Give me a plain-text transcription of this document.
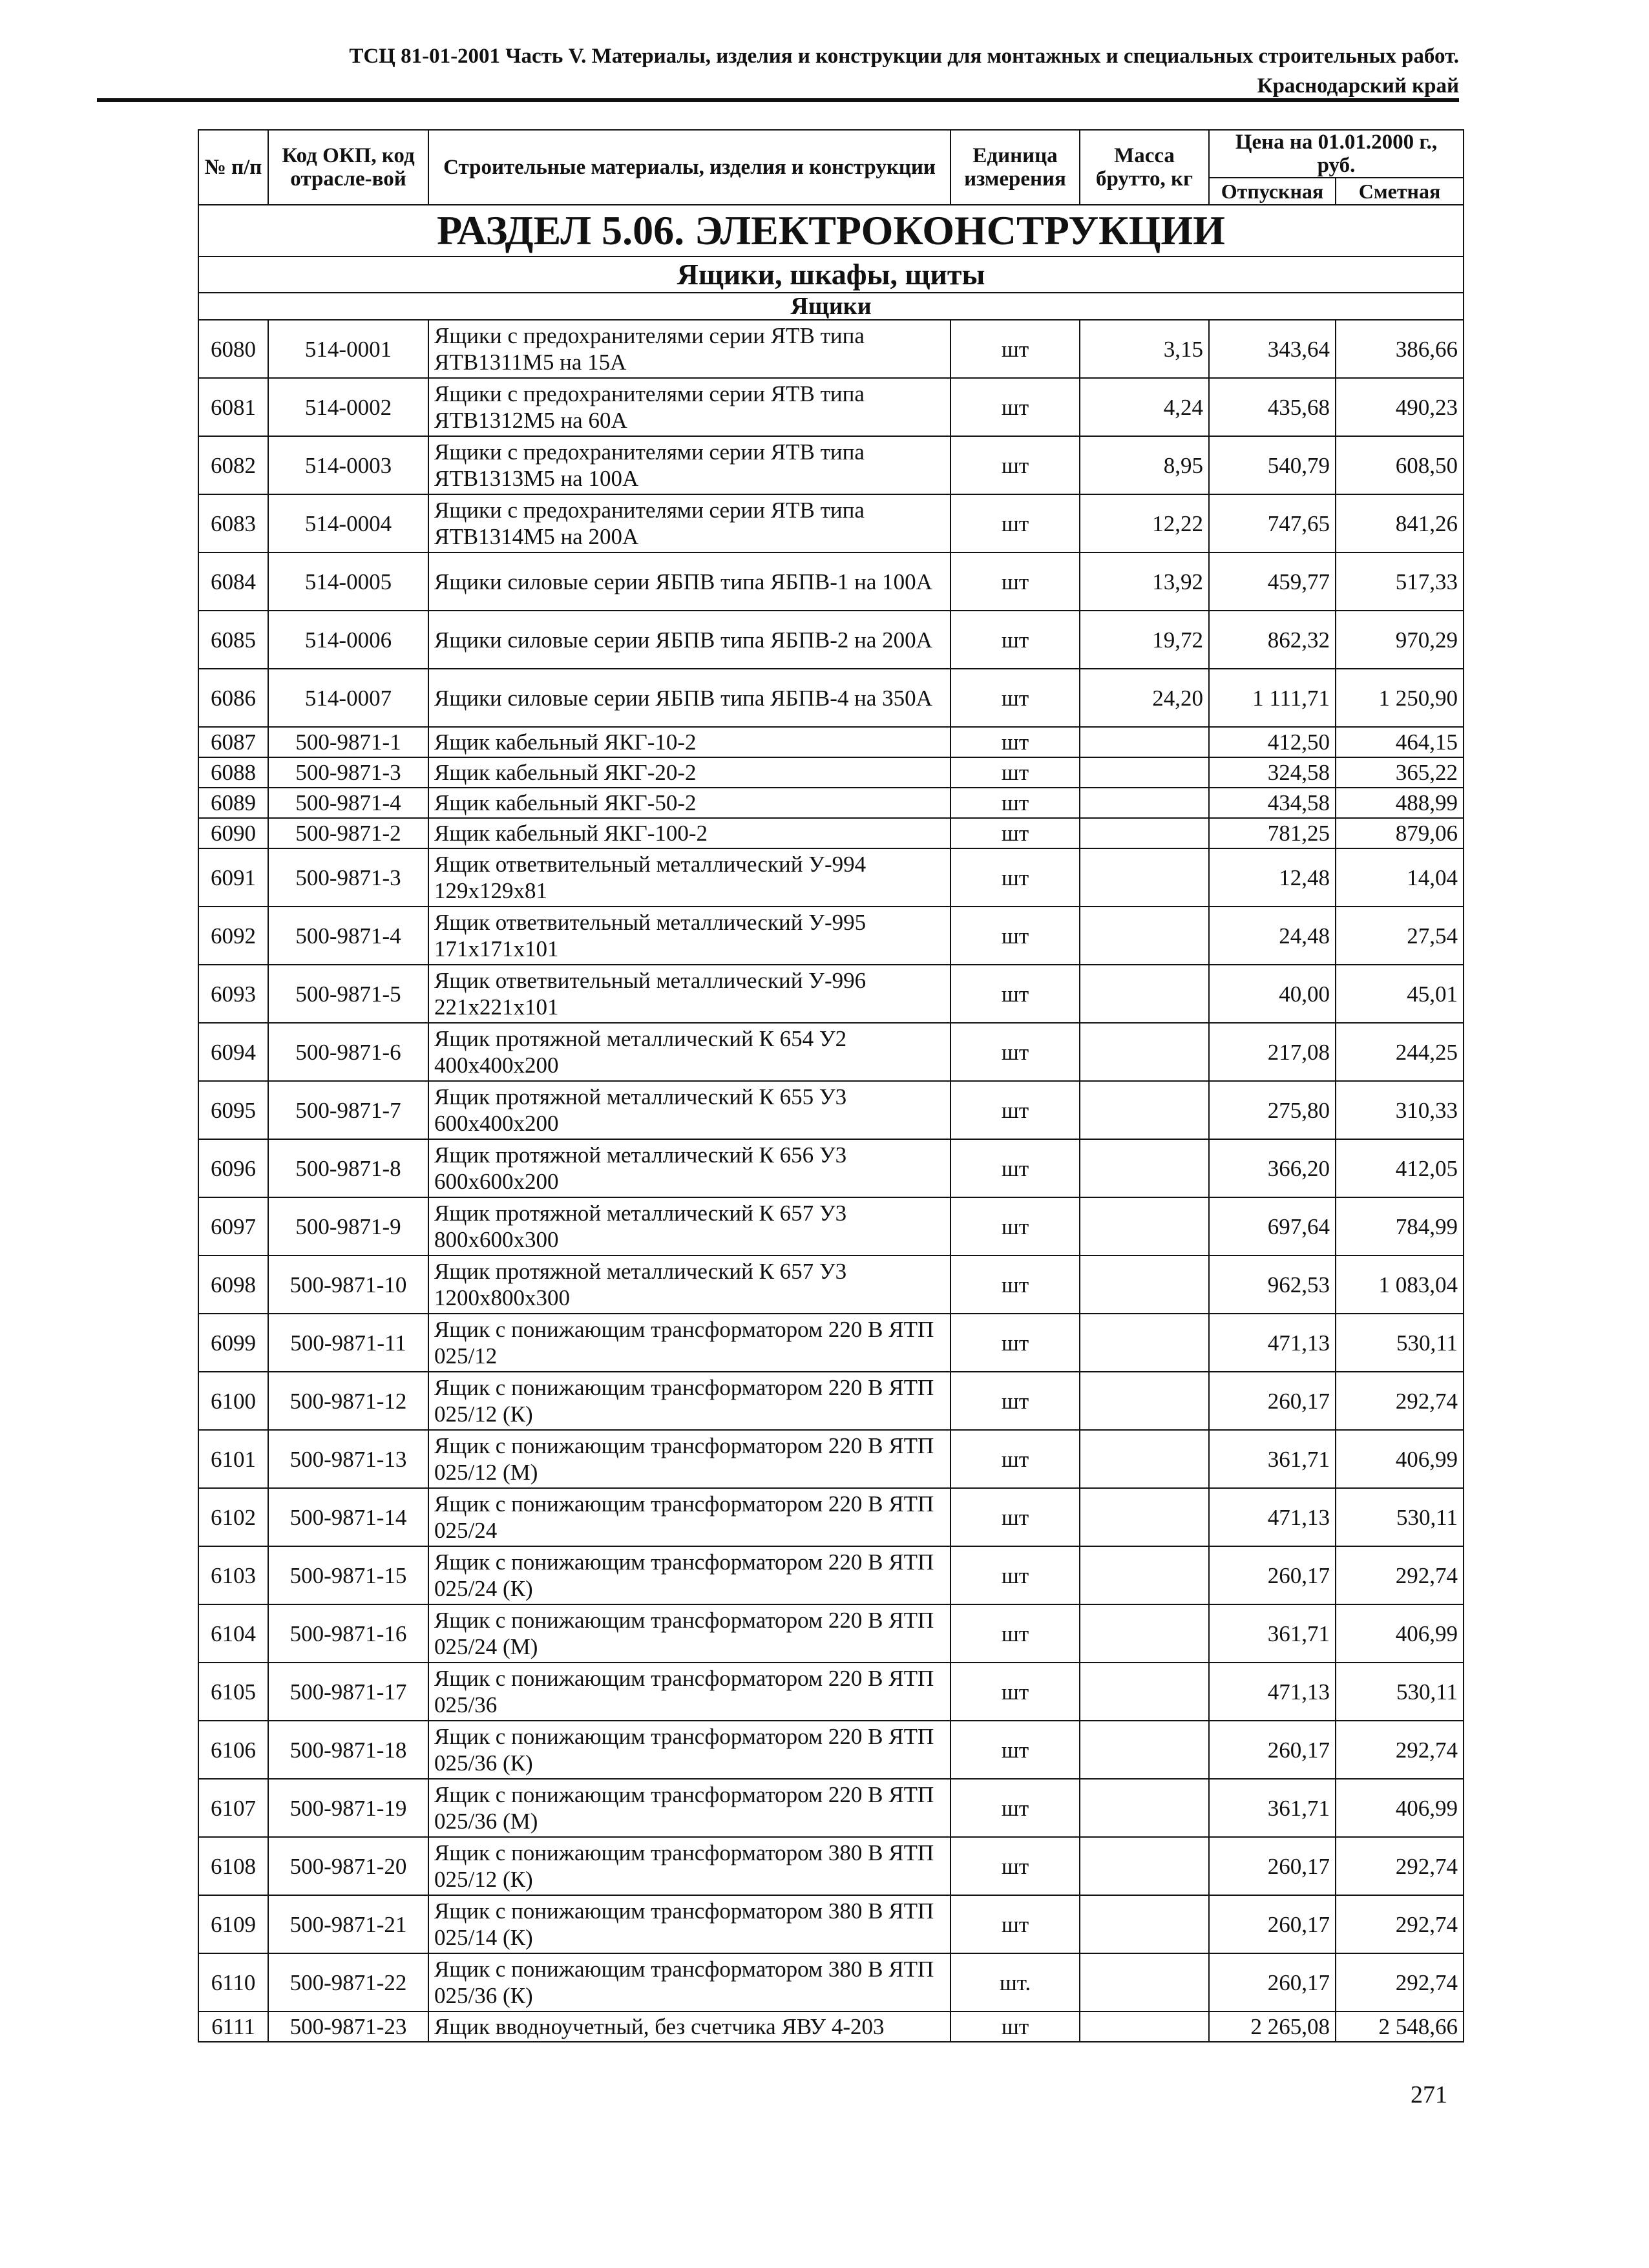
ТСЦ 81-01-2001 Часть V. Материалы, изделия и конструкции для монтажных и специальных строительных работ.
Краснодарский край
№ п/п	Код ОКП, код отрасле-вой	Строительные материалы, изделия и конструкции	Единица измерения	Масса брутто, кг	Цена на 01.01.2000 г., руб.	
					Отпускная	Сметная
РАЗДЕЛ 5.06. ЭЛЕКТРОКОНСТРУКЦИИ						
Ящики, шкафы, щиты						
Ящики						
6080	514-0001	Ящики с предохранителями серии ЯТВ типа ЯТВ1311М5 на 15А	шт	3,15	343,64	386,66
6081	514-0002	Ящики с предохранителями серии ЯТВ типа ЯТВ1312М5 на 60А	шт	4,24	435,68	490,23
6082	514-0003	Ящики с предохранителями серии ЯТВ типа ЯТВ1313М5 на 100А	шт	8,95	540,79	608,50
6083	514-0004	Ящики с предохранителями серии ЯТВ типа ЯТВ1314М5 на 200А	шт	12,22	747,65	841,26
6084	514-0005	Ящики силовые серии ЯБПВ типа ЯБПВ-1 на 100А	шт	13,92	459,77	517,33
6085	514-0006	Ящики силовые серии ЯБПВ типа ЯБПВ-2 на 200А	шт	19,72	862,32	970,29
6086	514-0007	Ящики силовые серии ЯБПВ типа ЯБПВ-4 на 350А	шт	24,20	1 111,71	1 250,90
6087	500-9871-1	Ящик кабельный ЯКГ-10-2	шт		412,50	464,15
6088	500-9871-3	Ящик кабельный ЯКГ-20-2	шт		324,58	365,22
6089	500-9871-4	Ящик кабельный ЯКГ-50-2	шт		434,58	488,99
6090	500-9871-2	Ящик кабельный ЯКГ-100-2	шт		781,25	879,06
6091	500-9871-3	Ящик ответвительный металлический У-994 129х129х81	шт		12,48	14,04
6092	500-9871-4	Ящик ответвительный металлический У-995 171х171х101	шт		24,48	27,54
6093	500-9871-5	Ящик ответвительный металлический У-996 221х221х101	шт		40,00	45,01
6094	500-9871-6	Ящик протяжной металлический К 654 У2 400х400х200	шт		217,08	244,25
6095	500-9871-7	Ящик протяжной металлический К 655 У3 600х400х200	шт		275,80	310,33
6096	500-9871-8	Ящик протяжной металлический К 656 У3 600х600х200	шт		366,20	412,05
6097	500-9871-9	Ящик протяжной металлический К 657 У3 800х600х300	шт		697,64	784,99
6098	500-9871-10	Ящик протяжной металлический К 657 У3 1200х800х300	шт		962,53	1 083,04
6099	500-9871-11	Ящик с понижающим трансформатором 220 В ЯТП 025/12	шт		471,13	530,11
6100	500-9871-12	Ящик с понижающим трансформатором 220 В ЯТП 025/12 (К)	шт		260,17	292,74
6101	500-9871-13	Ящик с понижающим трансформатором 220 В ЯТП 025/12 (М)	шт		361,71	406,99
6102	500-9871-14	Ящик с понижающим трансформатором 220 В ЯТП 025/24	шт		471,13	530,11
6103	500-9871-15	Ящик с понижающим трансформатором 220 В ЯТП 025/24 (К)	шт		260,17	292,74
6104	500-9871-16	Ящик с понижающим трансформатором 220 В ЯТП 025/24 (М)	шт		361,71	406,99
6105	500-9871-17	Ящик с понижающим трансформатором 220 В ЯТП 025/36	шт		471,13	530,11
6106	500-9871-18	Ящик с понижающим трансформатором 220 В ЯТП 025/36 (К)	шт		260,17	292,74
6107	500-9871-19	Ящик с понижающим трансформатором 220 В ЯТП 025/36 (М)	шт		361,71	406,99
6108	500-9871-20	Ящик с понижающим трансформатором 380 В ЯТП 025/12 (К)	шт		260,17	292,74
6109	500-9871-21	Ящик с понижающим трансформатором 380 В ЯТП 025/14 (К)	шт		260,17	292,74
6110	500-9871-22	Ящик с понижающим трансформатором 380 В ЯТП 025/36 (К)	шт.		260,17	292,74
6111	500-9871-23	Ящик вводноучетный, без счетчика ЯВУ 4-203	шт		2 265,08	2 548,66
271
